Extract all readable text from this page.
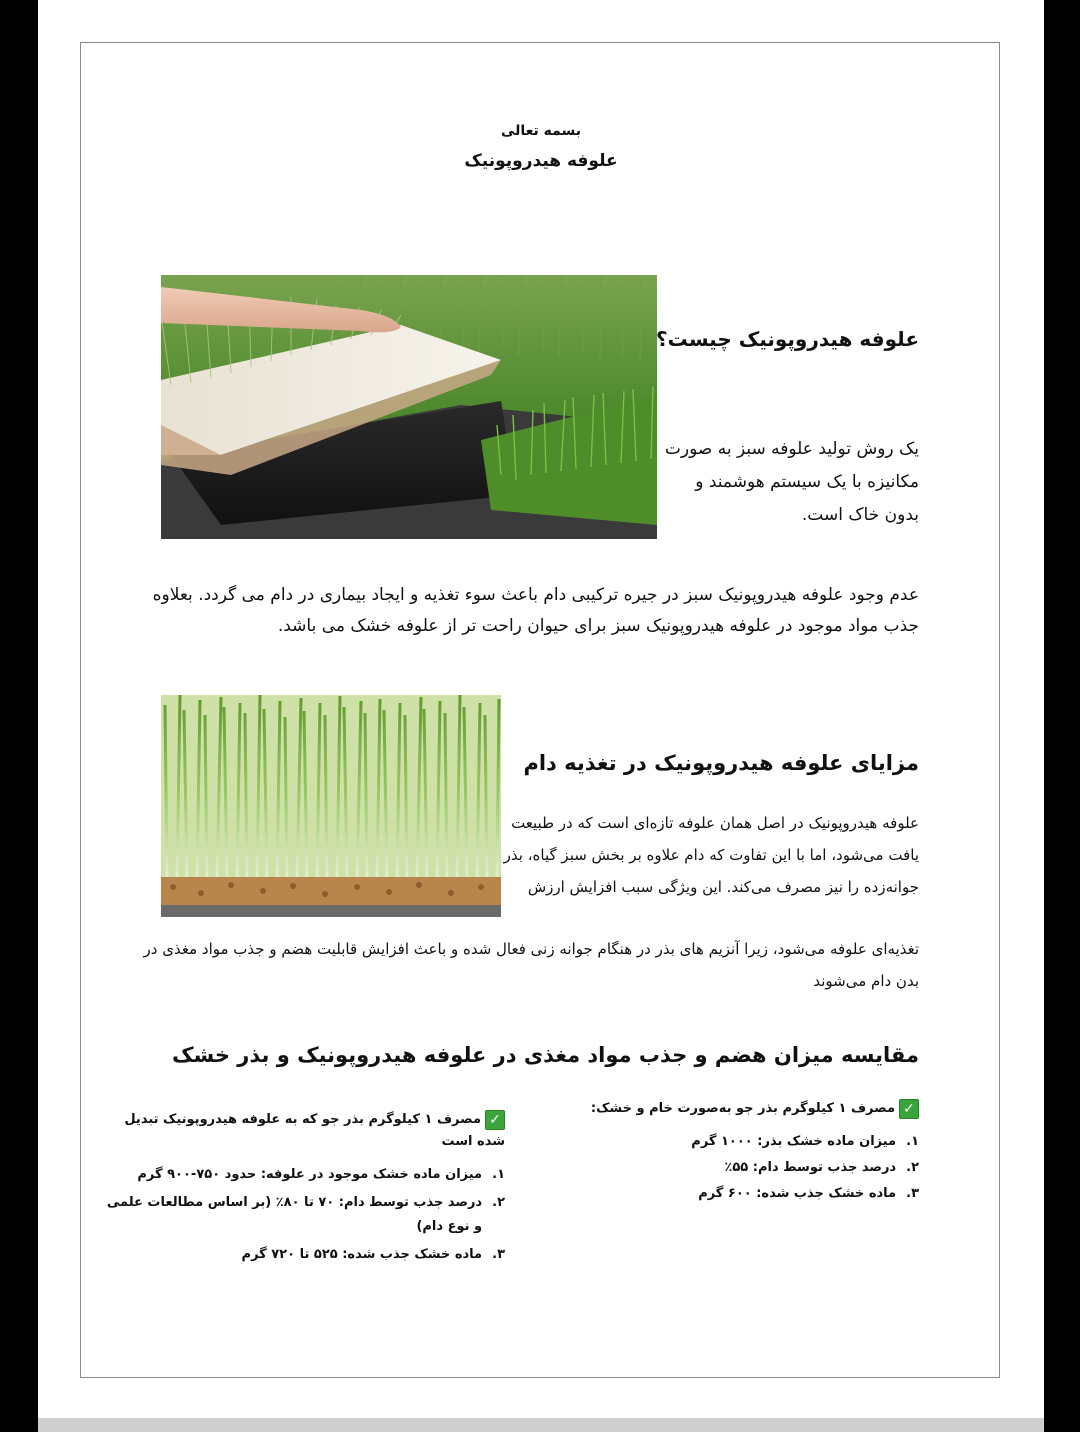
بسمه تعالی
علوفه هیدروپونیک
علوفه هیدروپونیک چیست؟
یک روش تولید علوفه سبز به صورت مکانیزه با یک سیستم هوشمند و بدون خاک است.
عدم وجود علوفه هیدروپونیک سبز در جیره ترکیبی دام باعث سوء تغذیه و ایجاد بیماری در دام می گردد. بعلاوه جذب مواد موجود در علوفه هیدروپونیک سبز برای حیوان راحت تر از علوفه خشک می باشد.
مزایای علوفه هیدروپونیک در تغذیه دام
علوفه هیدروپونیک در اصل همان علوفه تازه‌ای است که در طبیعت یافت می‌شود، اما با این تفاوت که دام علاوه بر بخش سبز گیاه، بذر جوانه‌زده را نیز مصرف می‌کند. این ویژگی سبب افزایش ارزش
تغذیه‌ای علوفه می‌شود، زیرا آنزیم های بذر در هنگام جوانه زنی فعال شده و باعث افزایش قابلیت هضم و جذب مواد مغذی در بدن دام می‌شوند
مقایسه میزان هضم و جذب مواد مغذی در علوفه هیدروپونیک و بذر خشک
✓مصرف ۱ کیلوگرم بذر جو به‌صورت خام و خشک:
۱.
میزان ماده خشک بذر: ۱۰۰۰ گرم
۲.
درصد جذب توسط دام: ۵۵٪
۳.
ماده خشک جذب شده: ۶۰۰ گرم
✓مصرف ۱ کیلوگرم بذر جو که به علوفه هیدروپونیک تبدیل شده است
۱.
میزان ماده خشک موجود در علوفه: حدود ۷۵۰-۹۰۰ گرم
۲.
درصد جذب توسط دام: ۷۰ تا ۸۰٪ (بر اساس مطالعات علمی و نوع دام)
۳.
ماده خشک جذب شده: ۵۲۵ تا ۷۲۰ گرم
